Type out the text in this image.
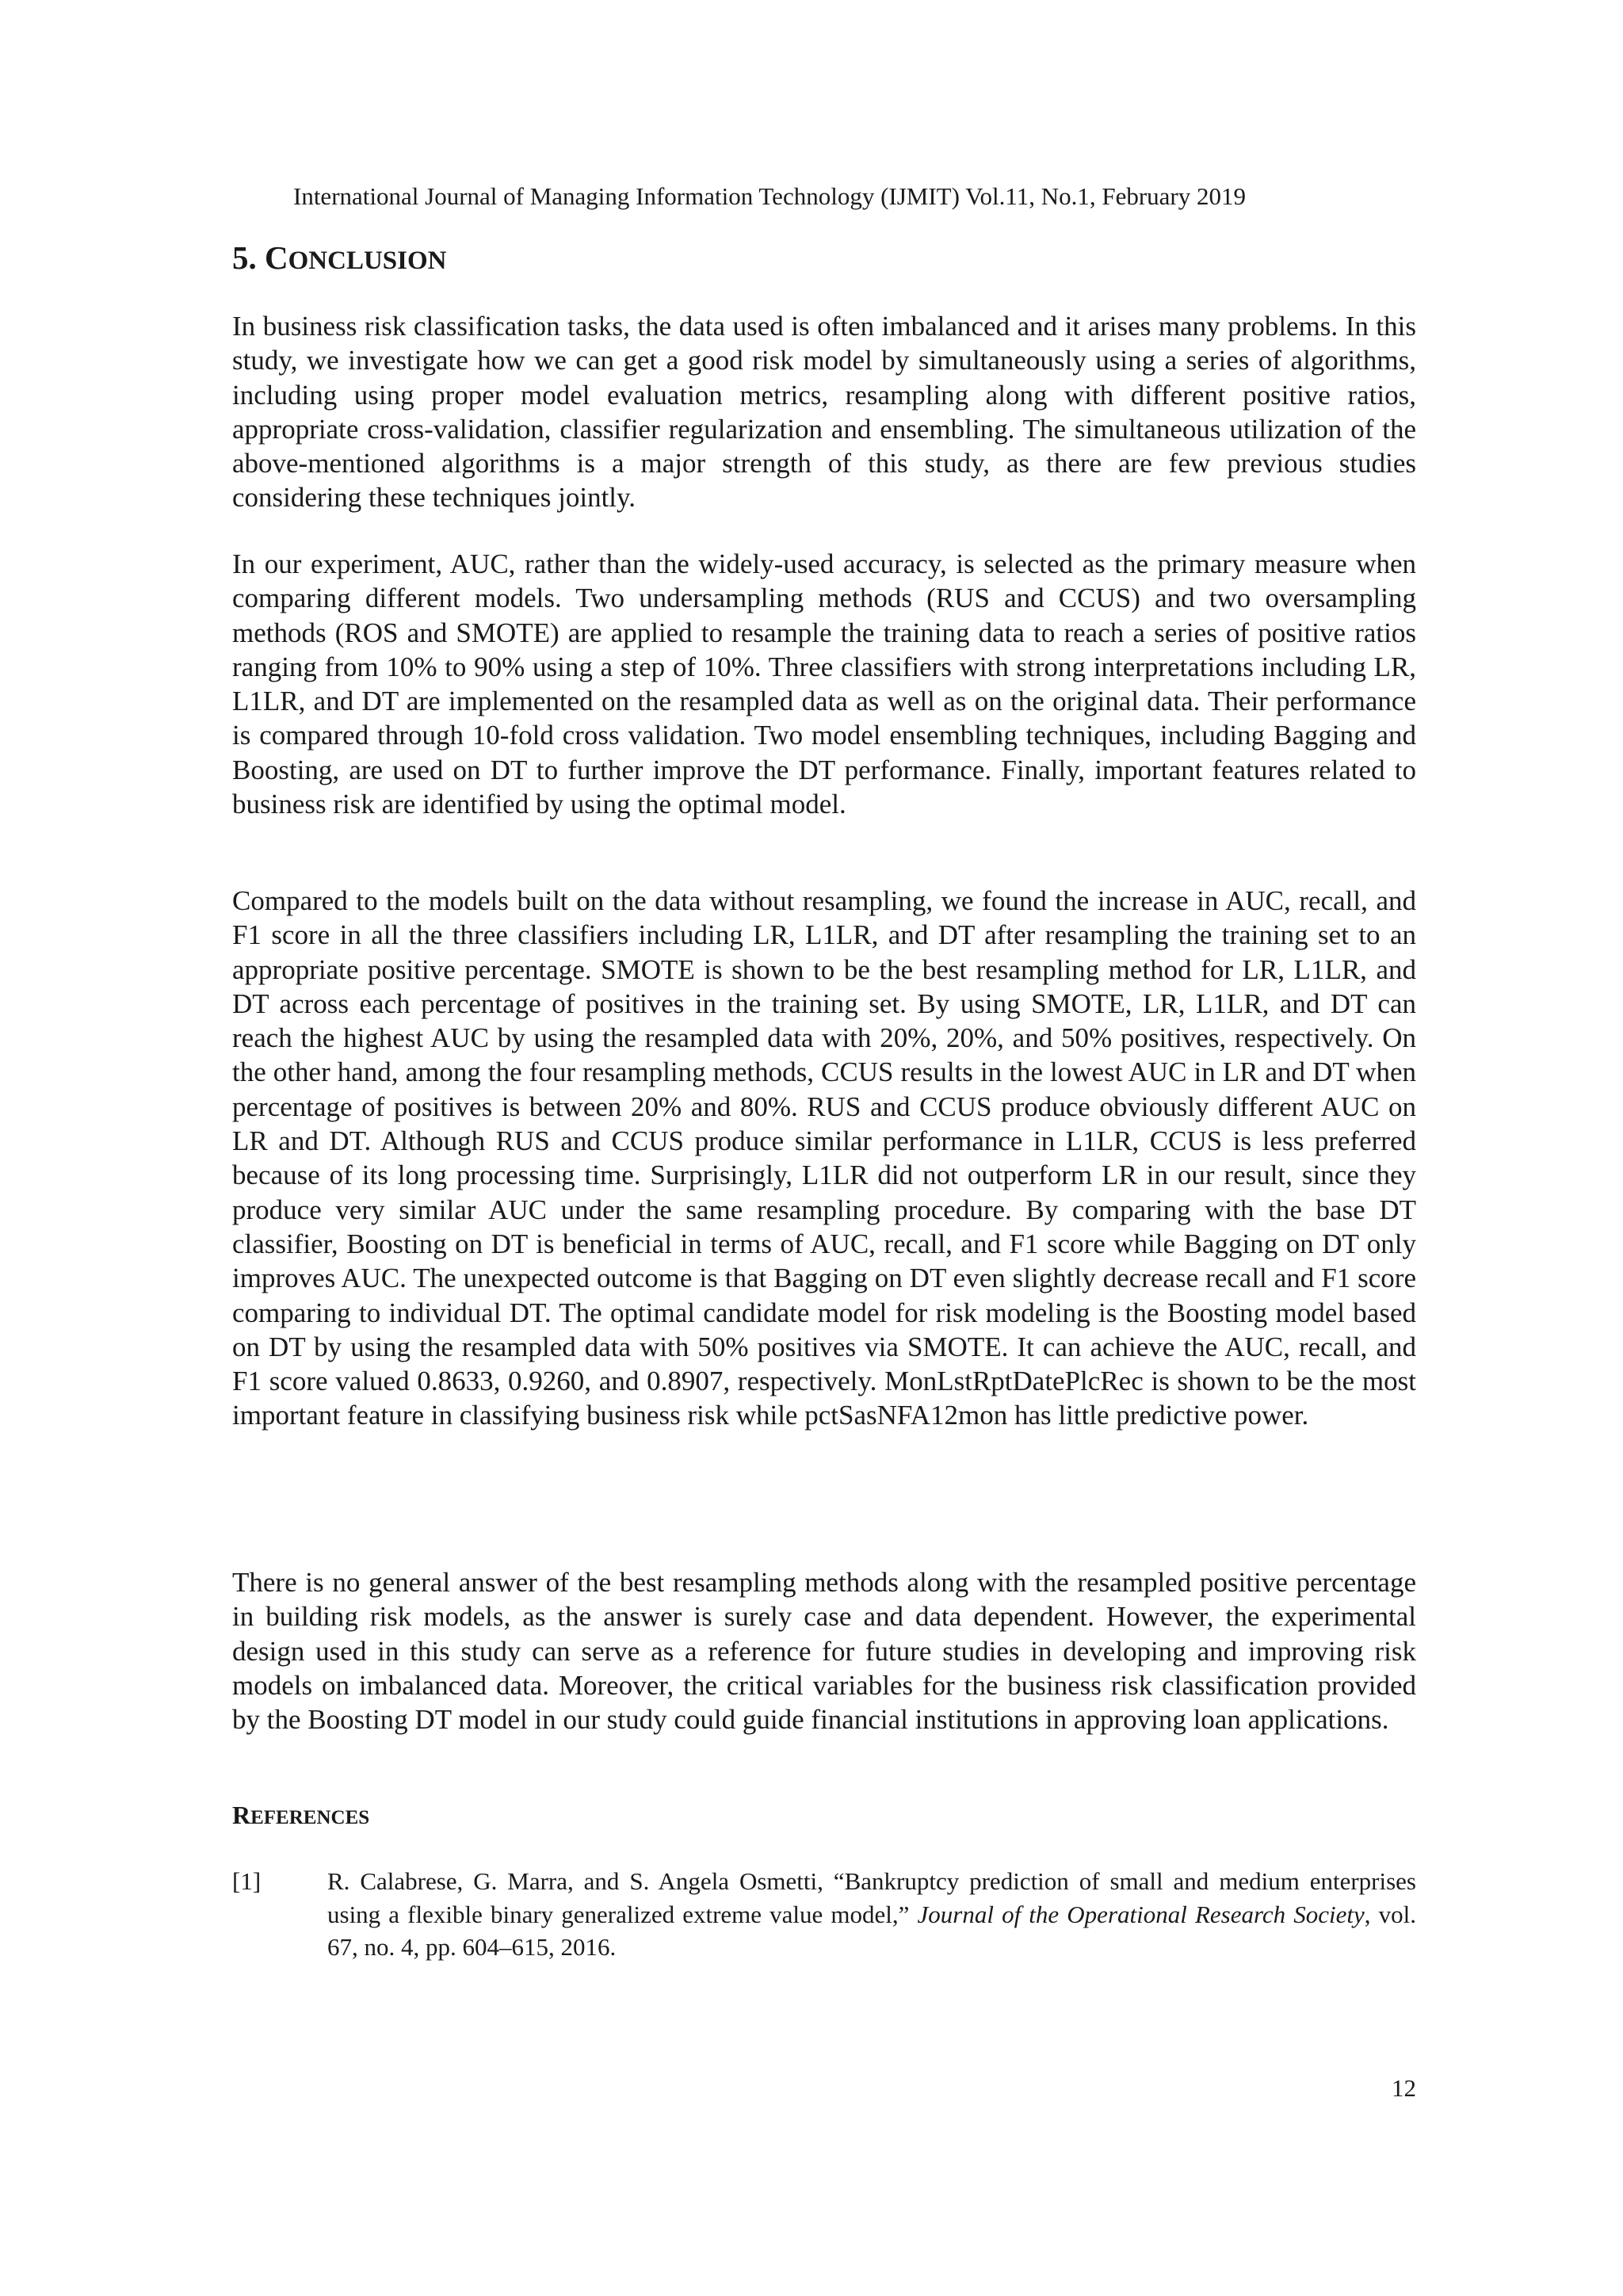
International Journal of Managing Information Technology (IJMIT) Vol.11, No.1, February 2019
5. CONCLUSION

In business risk classification tasks, the data used is often imbalanced and it arises many problems. In this study, we investigate how we can get a good risk model by simultaneously using a series of algorithms, including using proper model evaluation metrics, resampling along with different positive ratios, appropriate cross-validation, classifier regularization and ensembling. The simultaneous utilization of the above-mentioned algorithms is a major strength of this study, as there are few previous studies considering these techniques jointly.

In our experiment, AUC, rather than the widely-used accuracy, is selected as the primary measure when comparing different models. Two undersampling methods (RUS and CCUS) and two oversampling methods (ROS and SMOTE) are applied to resample the training data to reach a series of positive ratios ranging from 10% to 90% using a step of 10%. Three classifiers with strong interpretations including LR, L1LR, and DT are implemented on the resampled data as well as on the original data. Their performance is compared through 10-fold cross validation. Two model ensembling techniques, including Bagging and Boosting, are used on DT to further improve the DT performance. Finally, important features related to business risk are identified by using the optimal model.

Compared to the models built on the data without resampling, we found the increase in AUC, recall, and F1 score in all the three classifiers including LR, L1LR, and DT after resampling the training set to an appropriate positive percentage. SMOTE is shown to be the best resampling method for LR, L1LR, and DT across each percentage of positives in the training set. By using SMOTE, LR, L1LR, and DT can reach the highest AUC by using the resampled data with 20%, 20%, and 50% positives, respectively. On the other hand, among the four resampling methods, CCUS results in the lowest AUC in LR and DT when percentage of positives is between 20% and 80%. RUS and CCUS produce obviously different AUC on LR and DT. Although RUS and CCUS produce similar performance in L1LR, CCUS is less preferred because of its long processing time. Surprisingly, L1LR did not outperform LR in our result, since they produce very similar AUC under the same resampling procedure. By comparing with the base DT classifier, Boosting on DT is beneficial in terms of AUC, recall, and F1 score while Bagging on DT only improves AUC. The unexpected outcome is that Bagging on DT even slightly decrease recall and F1 score comparing to individual DT. The optimal candidate model for risk modeling is the Boosting model based on DT by using the resampled data with 50% positives via SMOTE. It can achieve the AUC, recall, and F1 score valued 0.8633, 0.9260, and 0.8907, respectively. MonLstRptDatePlcRec is shown to be the most important feature in classifying business risk while pctSasNFA12mon has little predictive power.

There is no general answer of the best resampling methods along with the resampled positive percentage in building risk models, as the answer is surely case and data dependent. However, the experimental design used in this study can serve as a reference for future studies in developing and improving risk models on imbalanced data. Moreover, the critical variables for the business risk classification provided by the Boosting DT model in our study could guide financial institutions in approving loan applications.

REFERENCES
[1]	R. Calabrese, G. Marra, and S. Angela Osmetti, “Bankruptcy prediction of small and medium enterprises using a flexible binary generalized extreme value model,” Journal of the Operational Research Society, vol. 67, no. 4, pp. 604–615, 2016.
12
